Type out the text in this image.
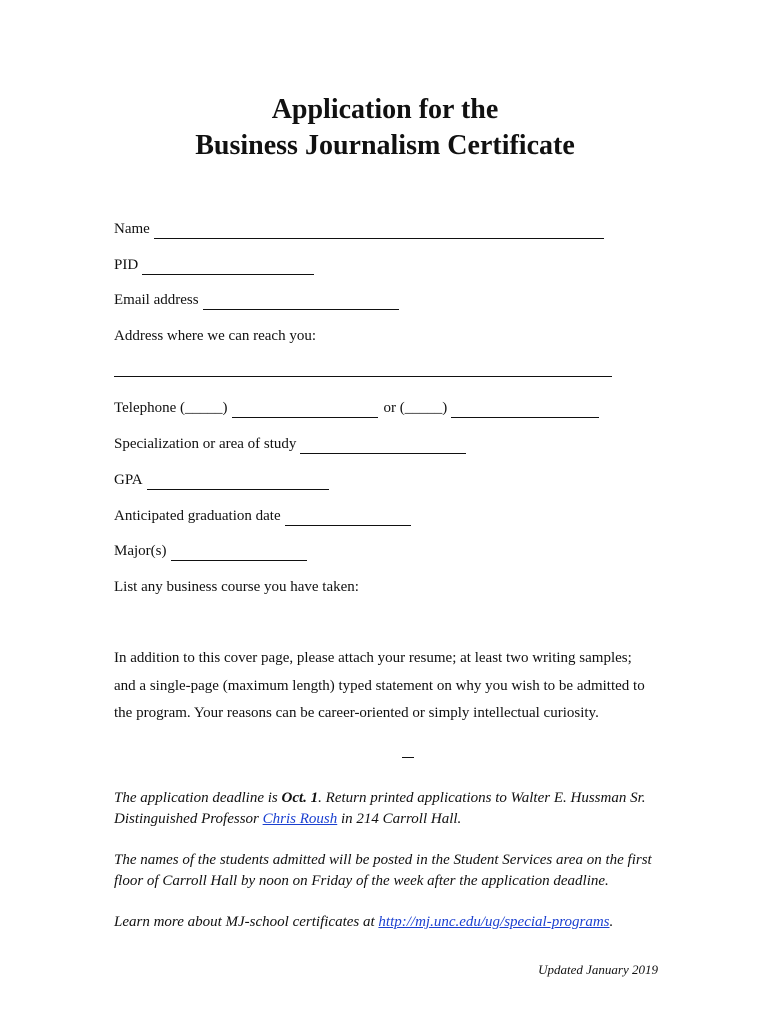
Application for the
Business Journalism Certificate
Name
PID
Email address
Address where we can reach you:
Telephone (_____)	or (_____)
Specialization or area of study
GPA
Anticipated graduation date
Major(s)
List any business course you have taken:
In addition to this cover page, please attach your resume; at least two writing samples;
and a single-page (maximum length) typed statement on why you wish to be admitted to
the program. Your reasons can be career-oriented or simply intellectual curiosity.
The application deadline is Oct. 1. Return printed applications to Walter E. Hussman Sr.
Distinguished Professor Chris Roush in 214 Carroll Hall.
The names of the students admitted will be posted in the Student Services area on the first
floor of Carroll Hall by noon on Friday of the week after the application deadline.
Learn more about MJ-school certificates at http://mj.unc.edu/ug/special-programs.
Updated January 2019
